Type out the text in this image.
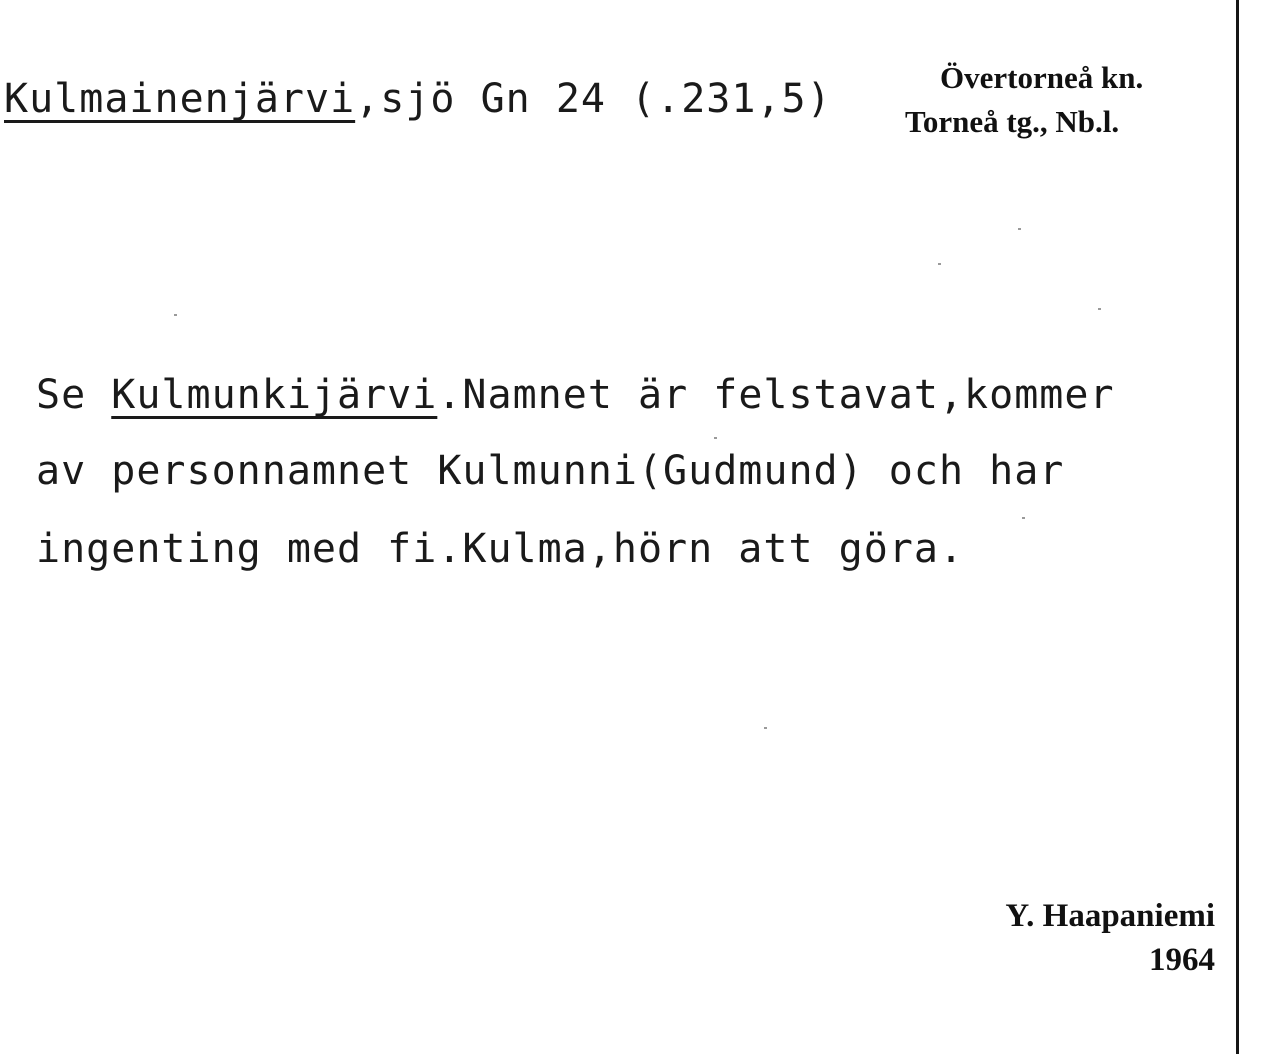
Kulmainenjärvi,sjö Gn 24 (.231,5)	Övertorneå kn.
Torneå tg., Nb.l.
Se Kulmunkijärvi.Namnet är felstavat,kommer
av personnamnet Kulmunni(Gudmund) och har
ingenting med fi.Kulma,hörn att göra.
Y. Haapaniemi
1964
